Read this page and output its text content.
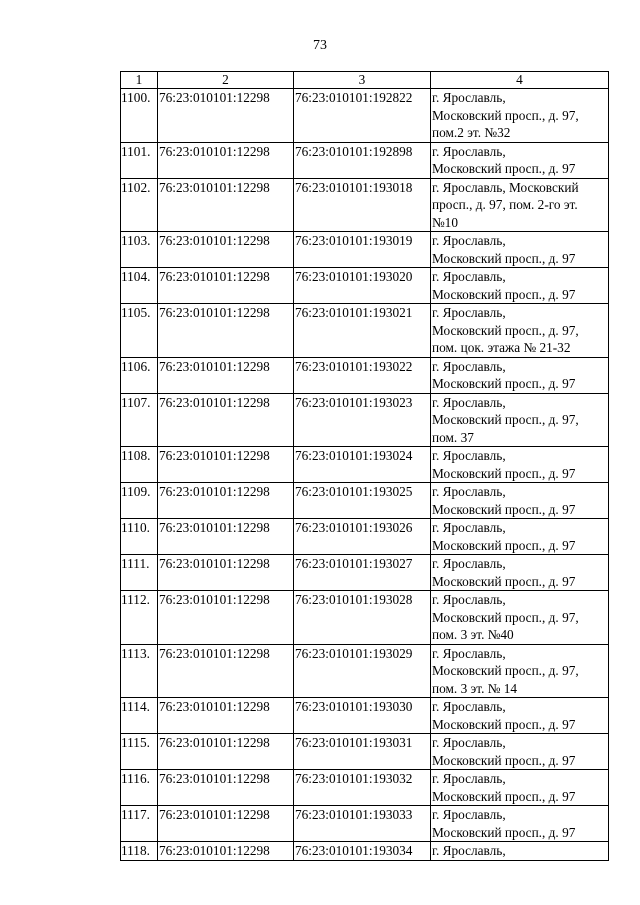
73
1	2	3	4
1100.	76:23:010101:12298	76:23:010101:192822	г. Ярославль,
Московский просп., д. 97,
пом.2 эт. №32

1101.	76:23:010101:12298	76:23:010101:192898	г. Ярославль,
Московский просп., д. 97

1102.	76:23:010101:12298	76:23:010101:193018	г. Ярославль, Московский
просп., д. 97, пом. 2-го эт.
№10

1103.	76:23:010101:12298	76:23:010101:193019	г. Ярославль,
Московский просп., д. 97

1104.	76:23:010101:12298	76:23:010101:193020	г. Ярославль,
Московский просп., д. 97

1105.	76:23:010101:12298	76:23:010101:193021	г. Ярославль,
Московский просп., д. 97,
пом. цок. этажа № 21-32

1106.	76:23:010101:12298	76:23:010101:193022	г. Ярославль,
Московский просп., д. 97

1107.	76:23:010101:12298	76:23:010101:193023	г. Ярославль,
Московский просп., д. 97,
пом. 37

1108.	76:23:010101:12298	76:23:010101:193024	г. Ярославль,
Московский просп., д. 97

1109.	76:23:010101:12298	76:23:010101:193025	г. Ярославль,
Московский просп., д. 97

1110.	76:23:010101:12298	76:23:010101:193026	г. Ярославль,
Московский просп., д. 97

1111.	76:23:010101:12298	76:23:010101:193027	г. Ярославль,
Московский просп., д. 97

1112.	76:23:010101:12298	76:23:010101:193028	г. Ярославль,
Московский просп., д. 97,
пом. 3 эт. №40

1113.	76:23:010101:12298	76:23:010101:193029	г. Ярославль,
Московский просп., д. 97,
пом. 3 эт. № 14

1114.	76:23:010101:12298	76:23:010101:193030	г. Ярославль,
Московский просп., д. 97

1115.	76:23:010101:12298	76:23:010101:193031	г. Ярославль,
Московский просп., д. 97

1116.	76:23:010101:12298	76:23:010101:193032	г. Ярославль,
Московский просп., д. 97

1117.	76:23:010101:12298	76:23:010101:193033	г. Ярославль,
Московский просп., д. 97

1118.	76:23:010101:12298	76:23:010101:193034	г. Ярославль,
